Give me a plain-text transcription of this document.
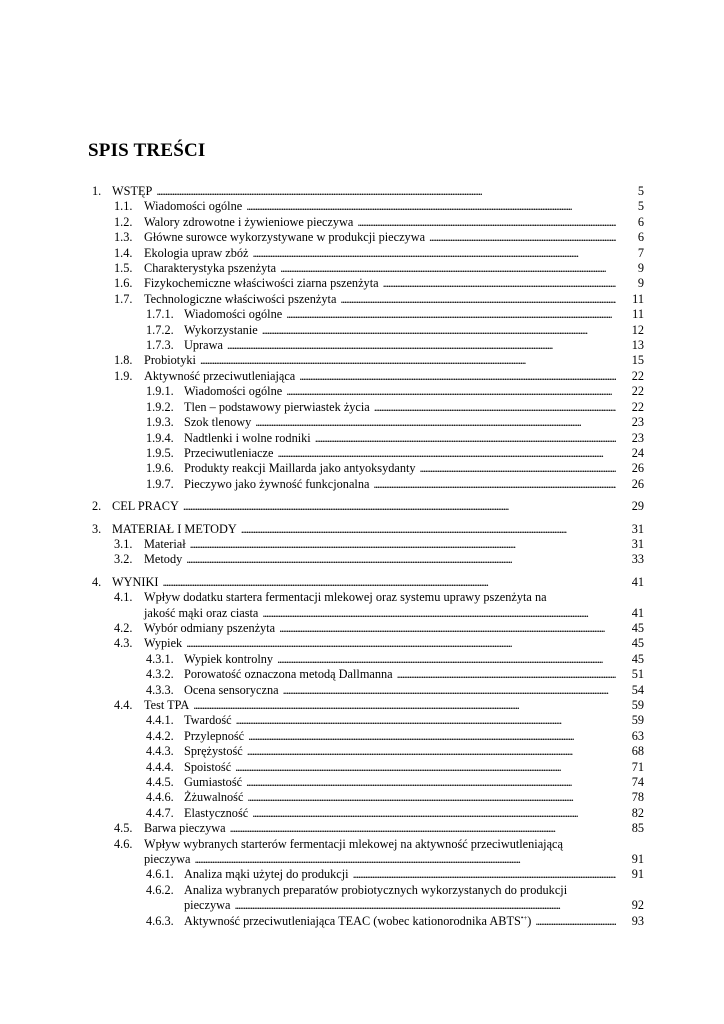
SPIS TREŚCI
1. WSTĘP . . .	5
1.1. Wiadomości ogólne . . .	5
1.2. Walory zdrowotne i żywieniowe pieczywa . . .	6
1.3. Główne surowce wykorzystywane w produkcji pieczywa . . .	6
1.4. Ekologia upraw zbóż . . .	7
1.5. Charakterystyka pszenżyta . . .	9
1.6. Fizykochemiczne właściwości ziarna pszenżyta . . .	9
1.7. Technologiczne właściwości pszenżyta . . .	11
1.7.1. Wiadomości ogólne . . .	11
1.7.2. Wykorzystanie . . .	12
1.7.3. Uprawa . . .	13
1.8. Probiotyki . . .	15
1.9. Aktywność przeciwutleniająca . . .	22
1.9.1. Wiadomości ogólne . . .	22
1.9.2. Tlen – podstawowy pierwiastek życia . . .	22
1.9.3. Szok tlenowy . . .	23
1.9.4. Nadtlenki i wolne rodniki . . .	23
1.9.5. Przeciwutleniacze . . .	24
1.9.6. Produkty reakcji Maillarda jako antyoksydanty . . .	26
1.9.7. Pieczywo jako żywność funkcjonalna . . .	26
2. CEL PRACY . . .	29
3. MATERIAŁ I METODY . . .	31
3.1. Materiał . . .	31
3.2. Metody . . .	33
4. WYNIKI . . .	41
4.1. Wpływ dodatku startera fermentacji mlekowej oraz systemu uprawy pszenżyta na
jakość mąki oraz ciasta . . .	41
4.2. Wybór odmiany pszenżyta . . .	45
4.3. Wypiek . . .	45
4.3.1. Wypiek kontrolny . . .	45
4.3.2. Porowatość oznaczona metodą Dallmanna . . .	51
4.3.3. Ocena sensoryczna . . .	54
4.4. Test TPA . . .	59
4.4.1. Twardość . . .	59
4.4.2. Przylepność . . .	63
4.4.3. Sprężystość . . .	68
4.4.4. Spoistość . . .	71
4.4.5. Gumiastość . . .	74
4.4.6. Żżuwalność . . .	78
4.4.7. Elastyczność . . .	82
4.5. Barwa pieczywa . . .	85
4.6. Wpływ wybranych starterów fermentacji mlekowej na aktywność przeciwutleniającą
pieczywa . . .	91
4.6.1. Analiza mąki użytej do produkcji . . .	91
4.6.2. Analiza wybranych preparatów probiotycznych wykorzystanych do produkcji
pieczywa . . .	92
4.6.3. Aktywność przeciwutleniająca TEAC (wobec kationorodnika ABTS•+) . . .	93
